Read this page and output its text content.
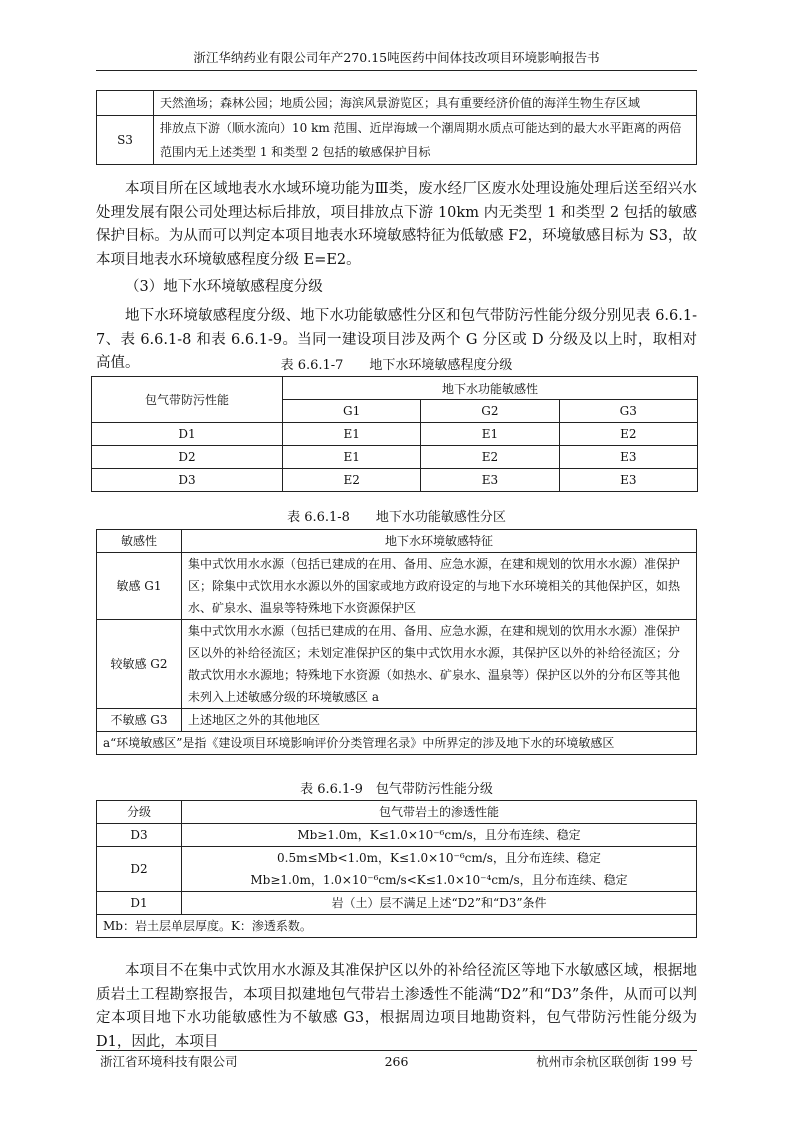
浙江华纳药业有限公司年产270.15吨医药中间体技改项目环境影响报告书
	天然渔场；森林公园；地质公园；海滨风景游览区；具有重要经济价值的海洋生物生存区域
S3	排放点下游（顺水流向）10 km 范围、近岸海域一个潮周期水质点可能达到的最大水平距离的两倍范围内无上述类型 1 和类型 2 包括的敏感保护目标

本项目所在区域地表水水域环境功能为Ⅲ类，废水经厂区废水处理设施处理后送至绍兴水处理发展有限公司处理达标后排放，项目排放点下游 10km 内无类型 1 和类型 2 包括的敏感保护目标。为从而可以判定本项目地表水环境敏感特征为低敏感 F2，环境敏感目标为 S3，故本项目地表水环境敏感程度分级 E=E2。

（3）地下水环境敏感程度分级

地下水环境敏感程度分级、地下水功能敏感性分区和包气带防污性能分级分别见表 6.6.1-7、表 6.6.1-8 和表 6.6.1-9。当同一建设项目涉及两个 G 分区或 D 分级及以上时，取相对高值。	表 6.6.1-7　　地下水环境敏感程度分级
包气带防污性能	地下水功能敏感性		
	G1	G2	G3
D1	E1	E1	E2
D2	E1	E2	E3
D3	E2	E3	E3
表 6.6.1-8　　地下水功能敏感性分区
敏感性	地下水环境敏感特征
敏感 G1	集中式饮用水水源（包括已建成的在用、备用、应急水源，在建和规划的饮用水水源）准保护区；除集中式饮用水水源以外的国家或地方政府设定的与地下水环境相关的其他保护区，如热水、矿泉水、温泉等特殊地下水资源保护区
较敏感 G2	集中式饮用水水源（包括已建成的在用、备用、应急水源，在建和规划的饮用水水源）准保护区以外的补给径流区；未划定准保护区的集中式饮用水水源，其保护区以外的补给径流区；分散式饮用水水源地；特殊地下水资源（如热水、矿泉水、温泉等）保护区以外的分布区等其他未列入上述敏感分级的环境敏感区 a
不敏感 G3	上述地区之外的其他地区
a“环境敏感区”是指《建设项目环境影响评价分类管理名录》中所界定的涉及地下水的环境敏感区	
表 6.6.1-9　包气带防污性能分级
分级	包气带岩土的渗透性能
D3	Mb≥1.0m，K≤1.0×10⁻⁶cm/s，且分布连续、稳定
D2	0.5m≤Mb<1.0m，K≤1.0×10⁻⁶cm/s，且分布连续、稳定
	Mb≥1.0m，1.0×10⁻⁶cm/s<K≤1.0×10⁻⁴cm/s，且分布连续、稳定
D1	岩（土）层不满足上述“D2”和“D3”条件
Mb：岩土层单层厚度。K：渗透系数。	

本项目不在集中式饮用水水源及其准保护区以外的补给径流区等地下水敏感区域，根据地质岩土工程勘察报告，本项目拟建地包气带岩土渗透性不能满“D2”和“D3”条件，从而可以判定本项目地下水功能敏感性为不敏感 G3，根据周边项目地勘资料，包气带防污性能分级为 D1，因此，本项目

266
浙江省环境科技有限公司	杭州市余杭区联创街 199 号
